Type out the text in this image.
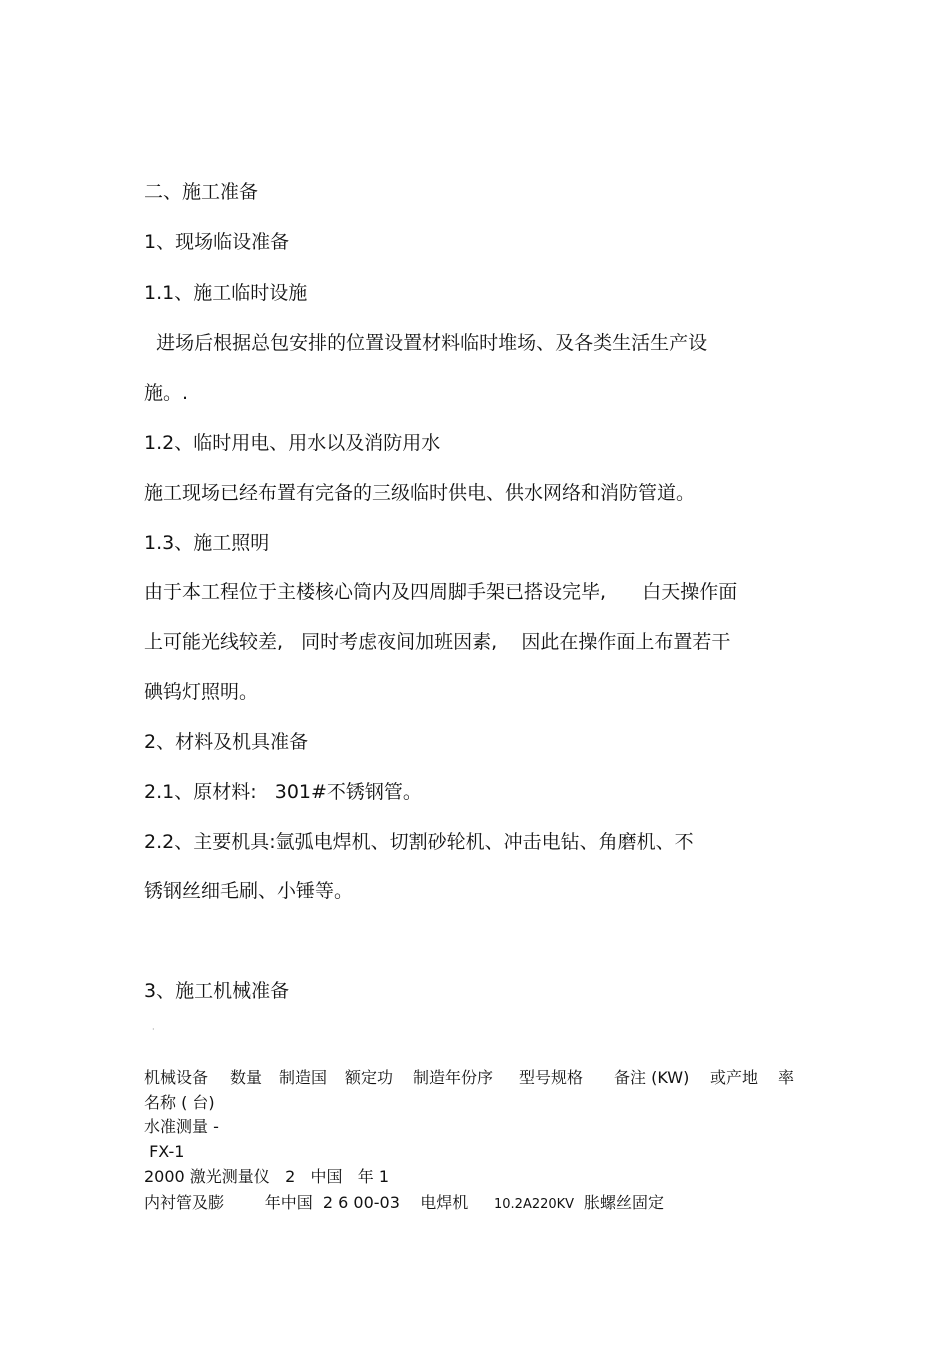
二、施工准备
1、现场临设准备
1.1、施工临时设施
进场后根据总包安排的位置设置材料临时堆场、及各类生活生产设
施。.
1.2、临时用电、用水以及消防用水
施工现场已经布置有完备的三级临时供电、供水网络和消防管道。
1.3、施工照明
由于本工程位于主楼核心筒内及四周脚手架已搭设完毕,      白天操作面
上可能光线较差,   同时考虑夜间加班因素,    因此在操作面上布置若干
碘钨灯照明。
2、材料及机具准备
2.1、原材料:   301#不锈钢管。
2.2、主要机具:氩弧电焊机、切割砂轮机、冲击电钻、角磨机、不
锈钢丝细毛刷、小锤等。
3、施工机械准备
·
机械设备 数量 制造国 额定功 制造年份序 型号规格 备注 (KW) 或产地 率
名称 ( 台)
水准测量 -
FX-1
2000 激光测量仪   2   中国   年 1
内衬管及膨        年中国  2 6 00-03    电焊机 10.2A220KV 胀螺丝固定
